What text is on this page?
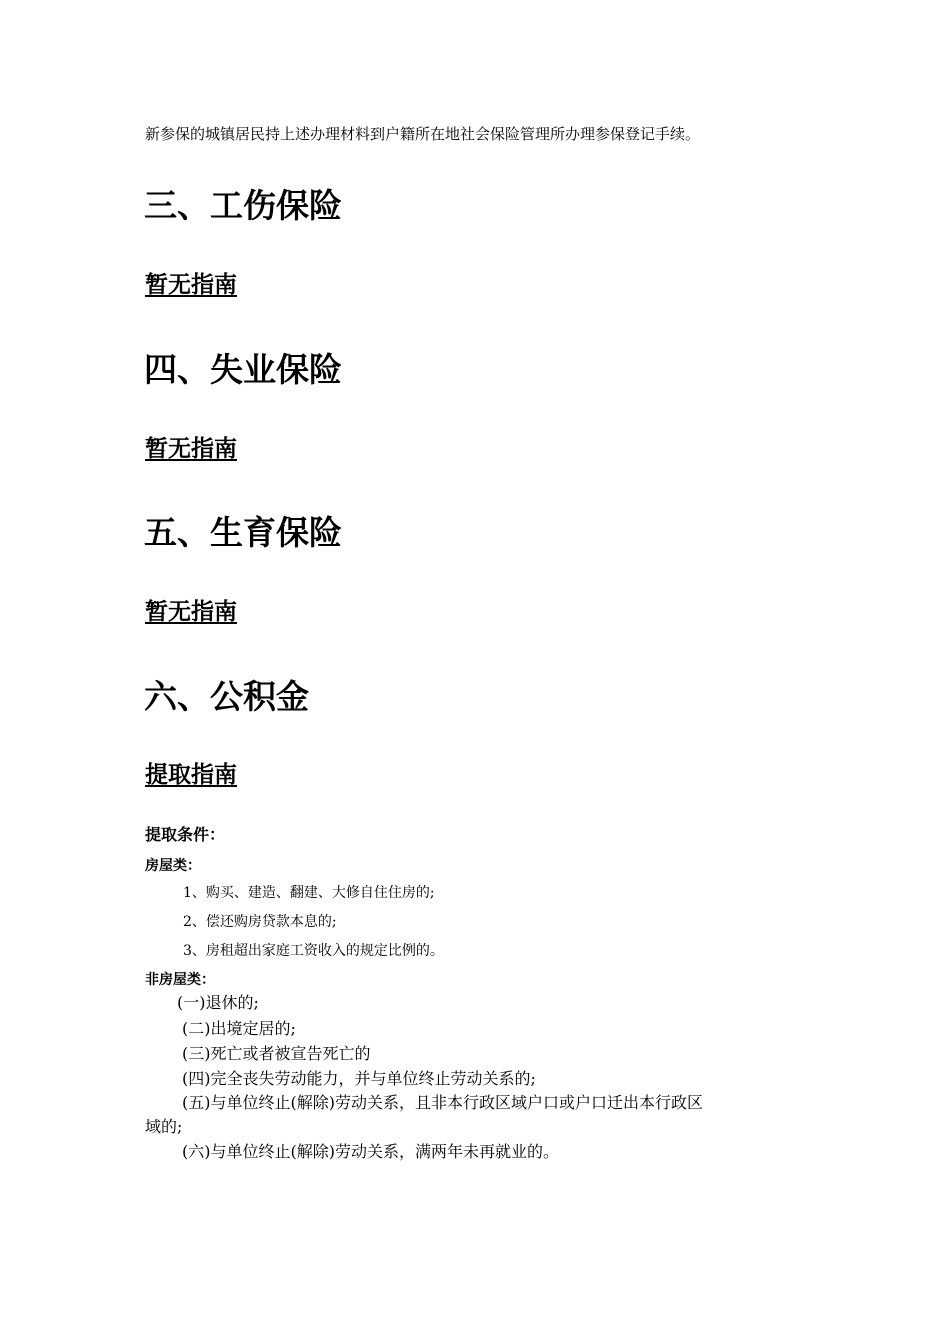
新参保的城镇居民持上述办理材料到户籍所在地社会保险管理所办理参保登记手续。
三、工伤保险
暂无指南
四、失业保险
暂无指南
五、生育保险
暂无指南
六、公积金
提取指南
提取条件：
房屋类：
1、购买、建造、翻建、大修自住住房的;
2、偿还购房贷款本息的;
3、房租超出家庭工资收入的规定比例的。
非房屋类：
(一)退休的;
(二)出境定居的;
(三)死亡或者被宣告死亡的
(四)完全丧失劳动能力，并与单位终止劳动关系的;
(五)与单位终止(解除)劳动关系，且非本行政区域户口或户口迁出本行政区
域的;
(六)与单位终止(解除)劳动关系，满两年未再就业的。
